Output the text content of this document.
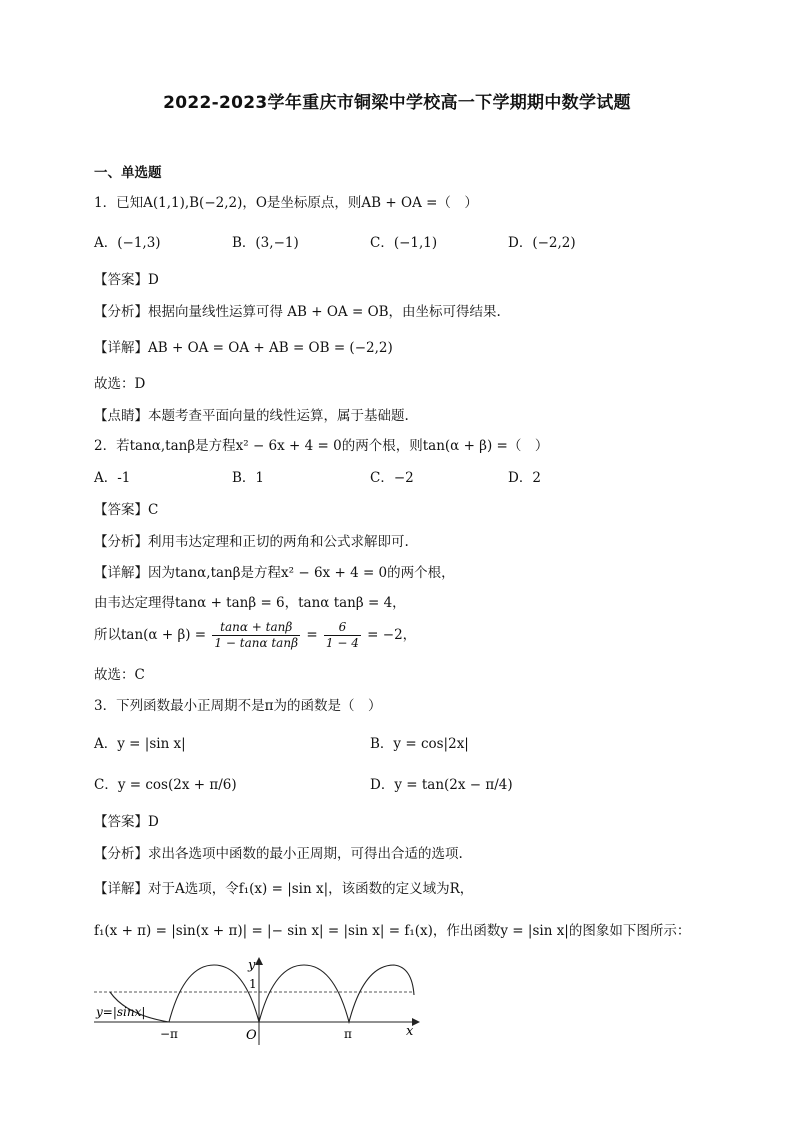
2022-2023学年重庆市铜梁中学校高一下学期期中数学试题
一、单选题
1．已知A(1,1),B(−2,2)，O是坐标原点，则AB + OA =（　）
A．(−1,3)	B．(3,−1)	C．(−1,1)	D．(−2,2)
【答案】D
【分析】根据向量线性运算可得 AB + OA = OB，由坐标可得结果.
【详解】AB + OA = OA + AB = OB = (−2,2)
故选：D
【点睛】本题考查平面向量的线性运算，属于基础题.
2．若tanα,tanβ是方程x² − 6x + 4 = 0的两个根，则tan(α + β) =（　）
A．-1	B．1	C．−2	D．2
【答案】C
【分析】利用韦达定理和正切的两角和公式求解即可.
【详解】因为tanα,tanβ是方程x² − 6x + 4 = 0的两个根，
由韦达定理得tanα + tanβ = 6，tanα tanβ = 4，
所以$\tan(\alpha + \beta) = \frac{\tan\alpha + \tan\beta}{\text{1 − tanα tanβ}} = \frac{6}{1 - 4} = -2$，
故选：C
3．下列函数最小正周期不是π为的函数是（　）
A．y = |sin x|	B．y = cos|2x|
C．y = cos(2x + π/6)	D．y = tan(2x − π/4)
【答案】D
【分析】求出各选项中函数的最小正周期，可得出合适的选项.
【详解】对于A选项，令f₁(x) = |sin x|，该函数的定义域为R，
f₁(x + π) = |sin(x + π)| = |− sin x| = |sin x| = f₁(x)，作出函数y = |sin x|的图象如下图所示：
y
1
y=|sinx|
−π	O	π	x
